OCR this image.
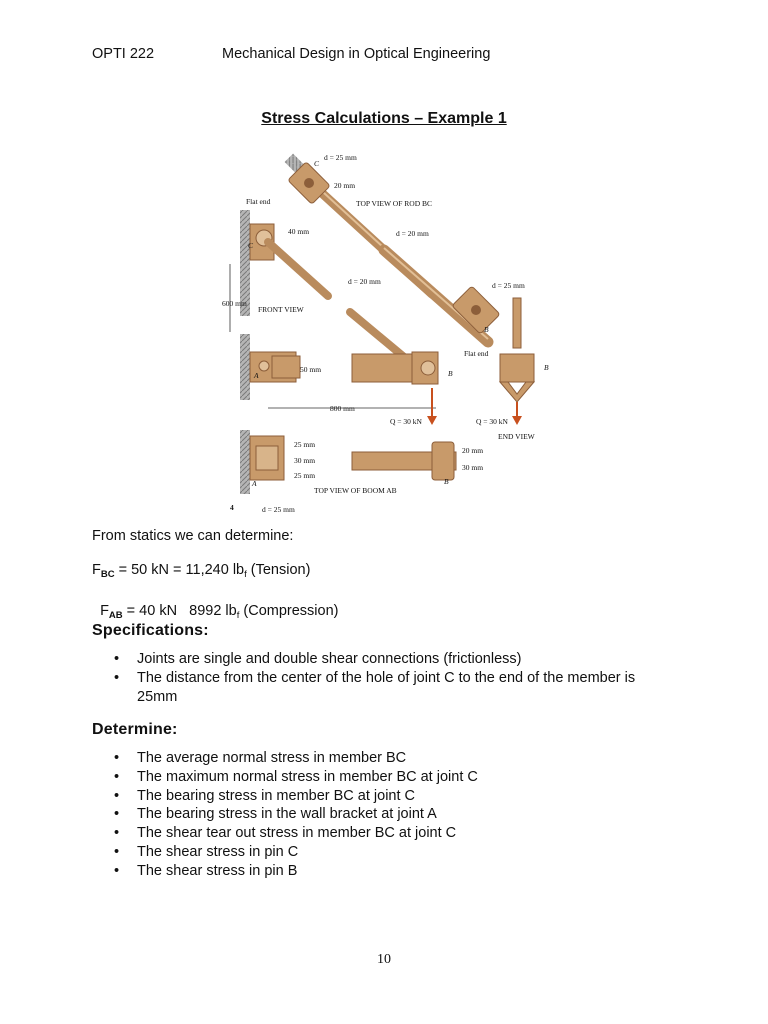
OPTI 222	Mechanical Design in Optical Engineering
Stress Calculations – Example 1
d = 25 mm
20 mm
Flat end	TOP VIEW OF ROD BC
40 mm	d = 20 mm
d = 20 mm
600 mm
FRONT VIEW
d = 25 mm
Flat end
50 mm
800 mm
Q = 30 kN	Q = 30 kN
END VIEW
25 mm
30 mm
25 mm
20 mm
30 mm
TOP VIEW OF BOOM AB
4	d = 25 mm
C
C
A
A
B
B
B
B
From statics we can determine:
$F_{BC} = 50$ kN = 11,240 $lb_f$ (Tension)

$F_{AB} = 40$ kN   8992 $lb_f$ (Compression)

Specifications:
• Joints are single and double shear connections (frictionless)
• The distance from the center of the hole of joint C to the end of the member is 25mm
Determine:
• The average normal stress in member BC
• The maximum normal stress in member BC at joint C
• The bearing stress in member BC at joint C
• The bearing stress in the wall bracket at joint A
• The shear tear out stress in member BC at joint C
• The shear stress in pin C
• The shear stress in pin B
10
